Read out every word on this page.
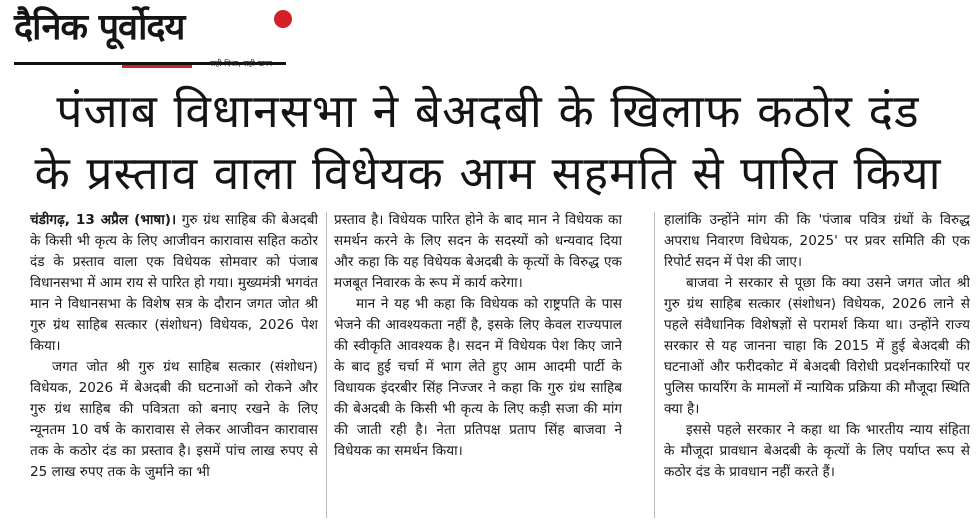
दैनिक पूर्वोदय
सही दिशा, सही खबर
पंजाब विधानसभा ने बेअदबी के खिलाफ कठोर दंड
के प्रस्ताव वाला विधेयक आम सहमति से पारित किया

चंडीगढ़, 13 अप्रैल (भाषा)। गुरु ग्रंथ साहिब की बेअदबी के किसी भी कृत्य के लिए आजीवन कारावास सहित कठोर दंड के प्रस्ताव वाला एक विधेयक सोमवार को पंजाब विधानसभा में आम राय से पारित हो गया। मुख्यमंत्री भगवंत मान ने विधानसभा के विशेष सत्र के दौरान जगत जोत श्री गुरु ग्रंथ साहिब सत्कार (संशोधन) विधेयक, 2026 पेश किया।

जगत जोत श्री गुरु ग्रंथ साहिब सत्कार (संशोधन) विधेयक, 2026 में बेअदबी की घटनाओं को रोकने और गुरु ग्रंथ साहिब की पवित्रता को बनाए रखने के लिए न्यूनतम 10 वर्ष के कारावास से लेकर आजीवन कारावास तक के कठोर दंड का प्रस्ताव है। इसमें पांच लाख रुपए से 25 लाख रुपए तक के जुर्माने का भी

प्रस्ताव है। विधेयक पारित होने के बाद मान ने विधेयक का समर्थन करने के लिए सदन के सदस्यों को धन्यवाद दिया और कहा कि यह विधेयक बेअदबी के कृत्यों के विरुद्ध एक मजबूत निवारक के रूप में कार्य करेगा।

मान ने यह भी कहा कि विधेयक को राष्ट्रपति के पास भेजने की आवश्यकता नहीं है, इसके लिए केवल राज्यपाल की स्वीकृति आवश्यक है। सदन में विधेयक पेश किए जाने के बाद हुई चर्चा में भाग लेते हुए आम आदमी पार्टी के विधायक इंदरबीर सिंह निज्जर ने कहा कि गुरु ग्रंथ साहिब की बेअदबी के किसी भी कृत्य के लिए कड़ी सजा की मांग की जाती रही है। नेता प्रतिपक्ष प्रताप सिंह बाजवा ने विधेयक का समर्थन किया।

हालांकि उन्होंने मांग की कि 'पंजाब पवित्र ग्रंथों के विरुद्ध अपराध निवारण विधेयक, 2025' पर प्रवर समिति की एक रिपोर्ट सदन में पेश की जाए।

बाजवा ने सरकार से पूछा कि क्या उसने जगत जोत श्री गुरु ग्रंथ साहिब सत्कार (संशोधन) विधेयक, 2026 लाने से पहले संवैधानिक विशेषज्ञों से परामर्श किया था। उन्होंने राज्य सरकार से यह जानना चाहा कि 2015 में हुई बेअदबी की घटनाओं और फरीदकोट में बेअदबी विरोधी प्रदर्शनकारियों पर पुलिस फायरिंग के मामलों में न्यायिक प्रक्रिया की मौजूदा स्थिति क्या है।

इससे पहले सरकार ने कहा था कि भारतीय न्याय संहिता के मौजूदा प्रावधान बेअदबी के कृत्यों के लिए पर्याप्त रूप से कठोर दंड के प्रावधान नहीं करते हैं।
